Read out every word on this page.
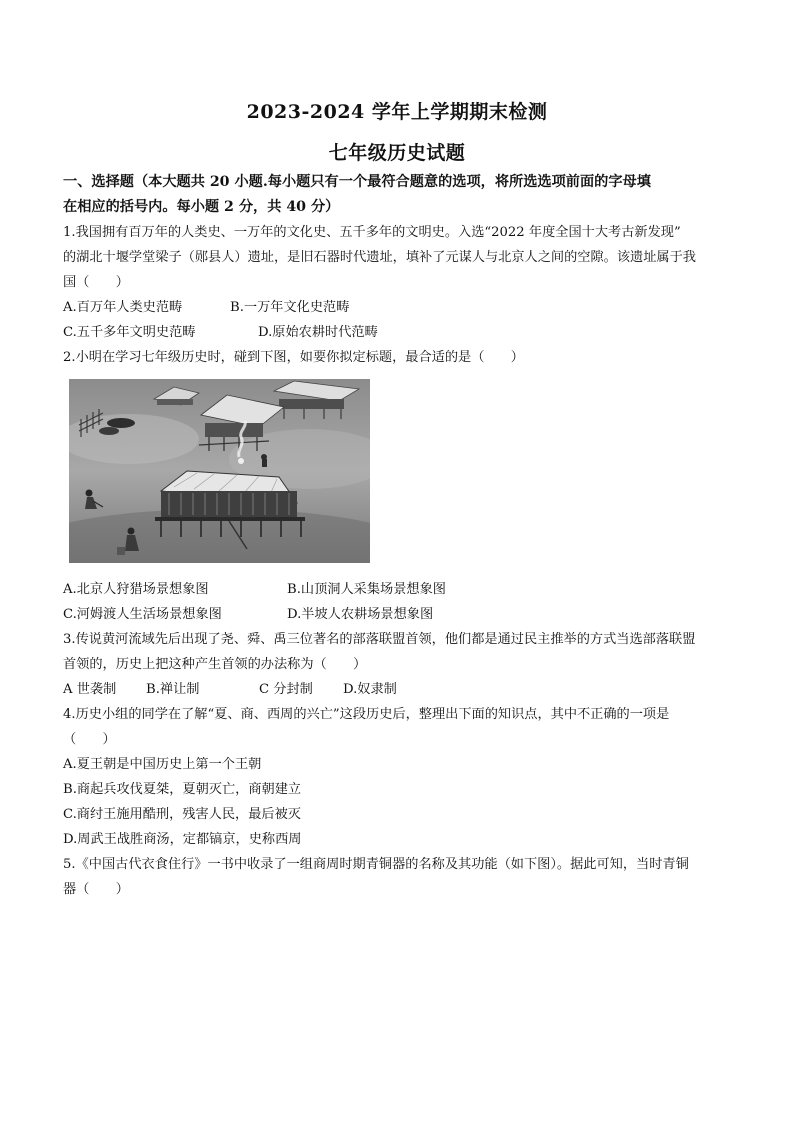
2023-2024 学年上学期期末检测
七年级历史试题
一、选择题（本大题共 20 小题.每小题只有一个最符合题意的选项，将所选选项前面的字母填
在相应的括号内。每小题 2 分，共 40 分）
1.我国拥有百万年的人类史、一万年的文化史、五千多年的文明史。入选“2022 年度全国十大考古新发现”
的湖北十堰学堂梁子（郧县人）遗址，是旧石器时代遗址，填补了元谋人与北京人之间的空隙。该遗址属于我
国（　　）
A.百万年人类史范畴	B.一万年文化史范畴
C.五千多年文明史范畴	D.原始农耕时代范畴
2.小明在学习七年级历史时，碰到下图，如要你拟定标题，最合适的是（　　）
A.北京人狩猎场景想象图	B.山顶洞人采集场景想象图
C.河姆渡人生活场景想象图	D.半坡人农耕场景想象图
3.传说黄河流域先后出现了尧、舜、禹三位著名的部落联盟首领，他们都是通过民主推举的方式当选部落联盟
首领的，历史上把这种产生首领的办法称为（　　）
A 世袭制 B.禅让制	C 分封制 D.奴隶制
4.历史小组的同学在了解“夏、商、西周的兴亡”这段历史后，整理出下面的知识点，其中不正确的一项是
（　　）
A.夏王朝是中国历史上第一个王朝
B.商起兵攻伐夏桀，夏朝灭亡，商朝建立
C.商纣王施用酷刑，残害人民，最后被灭
D.周武王战胜商汤，定都镐京，史称西周
5.《中国古代衣食住行》一书中收录了一组商周时期青铜器的名称及其功能（如下图）。据此可知，当时青铜
器（　　）
